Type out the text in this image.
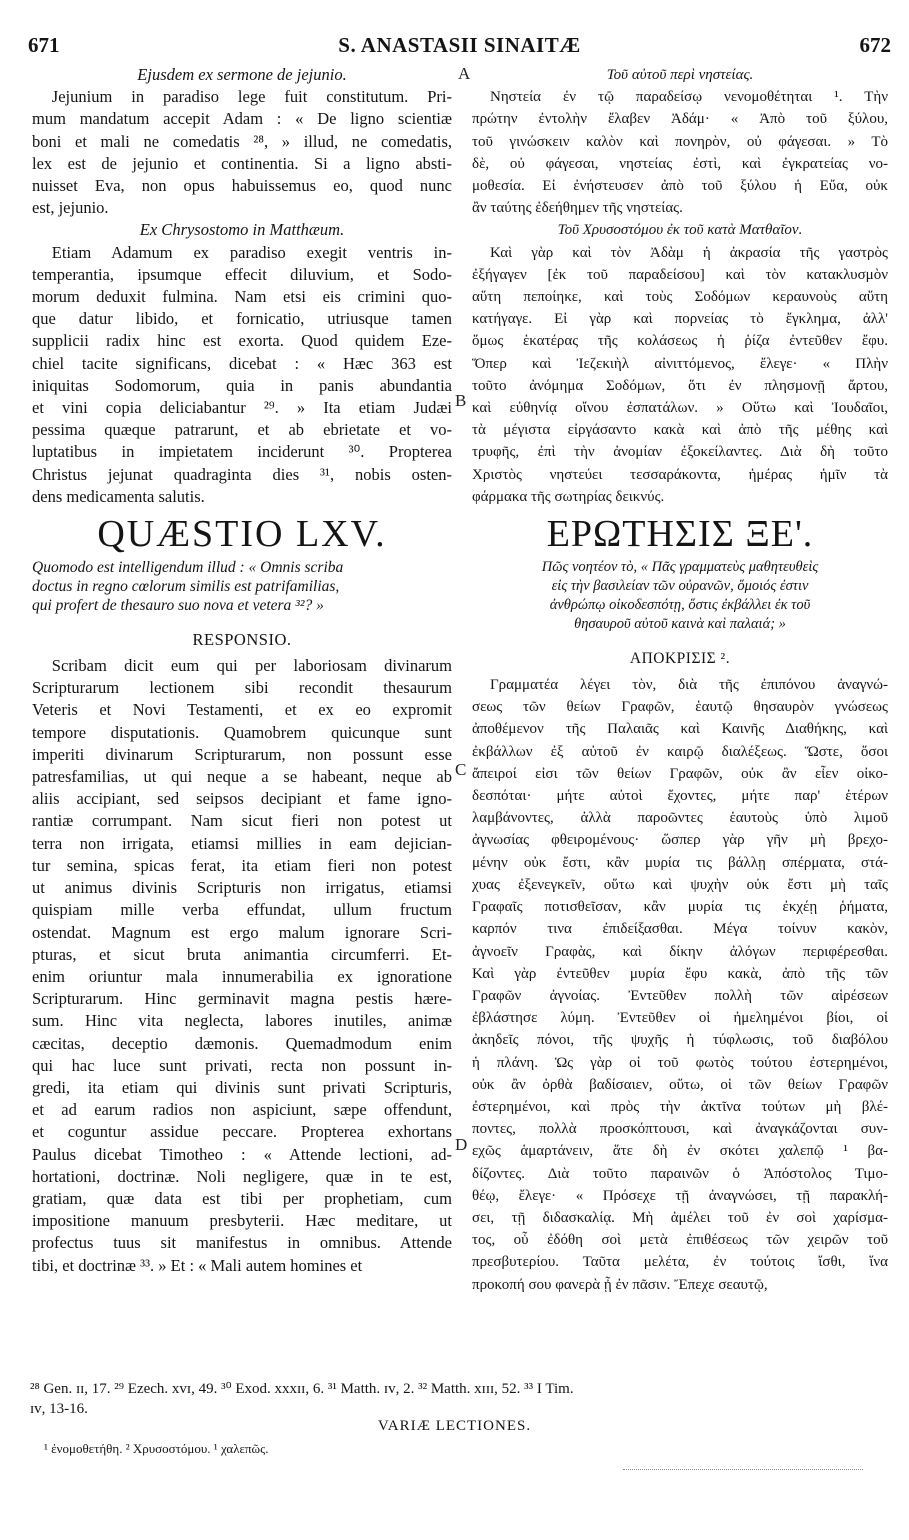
671	S. ANASTASII SINAITÆ	672
A
B
C
D
Ejusdem ex sermone de jejunio.
Jejunium in paradiso lege fuit constitutum. Pri-
mum mandatum accepit Adam : « De ligno scientiæ
boni et mali ne comedatis ²⁸, » illud, ne comedatis,
lex est de jejunio et continentia. Si a ligno absti-
nuisset Eva, non opus habuissemus eo, quod nunc
est, jejunio.
Ex Chrysostomo in Matthæum.
Etiam Adamum ex paradiso exegit ventris in-
temperantia, ipsumque effecit diluvium, et Sodo-
morum deduxit fulmina. Nam etsi eis crimini quo-
que datur libido, et fornicatio, utriusque tamen
supplicii radix hinc est exorta. Quod quidem Eze-
chiel tacite significans, dicebat : « Hæc 363 est
iniquitas Sodomorum, quia in panis abundantia
et vini copia deliciabantur ²⁹. » Ita etiam Judæi
pessima quæque patrarunt, et ab ebrietate et vo-
luptatibus in impietatem inciderunt ³⁰. Propterea
Christus jejunat quadraginta dies ³¹, nobis osten-
dens medicamenta salutis.
QUÆSTIO LXV.
Quomodo est intelligendum illud : « Omnis scriba
doctus in regno cœlorum similis est patrifamilias,
qui profert de thesauro suo nova et vetera ³²? »
RESPONSIO.
Scribam dicit eum qui per laboriosam divinarum
Scripturarum lectionem sibi recondit thesaurum
Veteris et Novi Testamenti, et ex eo expromit
tempore disputationis. Quamobrem quicunque sunt
imperiti divinarum Scripturarum, non possunt esse
patresfamilias, ut qui neque a se habeant, neque ab
aliis accipiant, sed seipsos decipiant et fame igno-
rantiæ corrumpant. Nam sicut fieri non potest ut
terra non irrigata, etiamsi millies in eam dejician-
tur semina, spicas ferat, ita etiam fieri non potest
ut animus divinis Scripturis non irrigatus, etiamsi
quispiam mille verba effundat, ullum fructum
ostendat. Magnum est ergo malum ignorare Scri-
pturas, et sicut bruta animantia circumferri. Et-
enim oriuntur mala innumerabilia ex ignoratione
Scripturarum. Hinc germinavit magna pestis hære-
sum. Hinc vita neglecta, labores inutiles, animæ
cæcitas, deceptio dæmonis. Quemadmodum enim
qui hac luce sunt privati, recta non possunt in-
gredi, ita etiam qui divinis sunt privati Scripturis,
et ad earum radios non aspiciunt, sæpe offendunt,
et coguntur assidue peccare. Propterea exhortans
Paulus dicebat Timotheo : « Attende lectioni, ad-
hortationi, doctrinæ. Noli negligere, quæ in te est,
gratiam, quæ data est tibi per prophetiam, cum
impositione manuum presbyterii. Hæc meditare, ut
profectus tuus sit manifestus in omnibus. Attende
tibi, et doctrinæ ³³. » Et : « Mali autem homines et
Τοῦ αὐτοῦ περὶ νηστείας.
Νηστεία ἐν τῷ παραδείσῳ νενομοθέτηται ¹. Τὴν
πρώτην ἐντολὴν ἔλαβεν Ἀδάμ· « Ἀπὸ τοῦ ξύλου,
τοῦ γινώσκειν καλὸν καὶ πονηρὸν, οὐ φάγεσαι. » Τὸ
δὲ, οὐ φάγεσαι, νηστείας ἐστὶ, καὶ ἐγκρατείας νο-
μοθεσία. Εἰ ἐνήστευσεν ἀπὸ τοῦ ξύλου ἡ Εὔα, οὐκ
ἂν ταύτης ἐδεήθημεν τῆς νηστείας.
Τοῦ Χρυσοστόμου ἐκ τοῦ κατὰ Ματθαῖον.
Καὶ γὰρ καὶ τὸν Ἀδὰμ ἡ ἀκρασία τῆς γαστρὸς
ἐξήγαγεν [ἐκ τοῦ παραδείσου] καὶ τὸν κατακλυσμὸν
αὕτη πεποίηκε, καὶ τοὺς Σοδόμων κεραυνοὺς αὕτη
κατήγαγε. Εἰ γὰρ καὶ πορνείας τὸ ἔγκλημα, ἀλλ'
ὅμως ἑκατέρας τῆς κολάσεως ἡ ῥίζα ἐντεῦθεν ἔφυ.
Ὅπερ καὶ Ἰεζεκιὴλ αἰνιττόμενος, ἔλεγε· « Πλὴν
τοῦτο ἀνόμημα Σοδόμων, ὅτι ἐν πλησμονῇ ἄρτου,
καὶ εὐθηνίᾳ οἴνου ἐσπατάλων. » Οὕτω καὶ Ἰουδαῖοι,
τὰ μέγιστα εἰργάσαντο κακὰ καὶ ἀπὸ τῆς μέθης καὶ
τρυφῆς, ἐπὶ τὴν ἀνομίαν ἐξοκείλαντες. Διὰ δὴ τοῦτο
Χριστὸς νηστεύει τεσσαράκοντα, ἡμέρας ἡμῖν τὰ
φάρμακα τῆς σωτηρίας δεικνύς.
ΕΡΩΤΗΣΙΣ ΞΕ'.
Πῶς νοητέον τὸ, « Πᾶς γραμματεὺς μαθητευθεὶς
εἰς τὴν βασιλείαν τῶν οὐρανῶν, ὅμοιός ἐστιν
ἀνθρώπῳ οἰκοδεσπότῃ, ὅστις ἐκβάλλει ἐκ τοῦ
θησαυροῦ αὐτοῦ καινὰ καὶ παλαιά; »
ΑΠΟΚΡΙΣΙΣ ².
Γραμματέα λέγει τὸν, διὰ τῆς ἐπιπόνου ἀναγνώ-
σεως τῶν θείων Γραφῶν, ἑαυτῷ θησαυρὸν γνώσεως
ἀποθέμενον τῆς Παλαιᾶς καὶ Καινῆς Διαθήκης, καὶ
ἐκβάλλων ἐξ αὐτοῦ ἐν καιρῷ διαλέξεως. Ὥστε, ὅσοι
ἄπειροί εἰσι τῶν θείων Γραφῶν, οὐκ ἂν εἶεν οἰκο-
δεσπόται· μήτε αὐτοὶ ἔχοντες, μήτε παρ' ἑτέρων
λαμβάνοντες, ἀλλὰ παροῶντες ἑαυτοὺς ὑπὸ λιμοῦ
ἀγνωσίας φθειρομένους· ὥσπερ γὰρ γῆν μὴ βρεχο-
μένην οὐκ ἔστι, κἂν μυρία τις βάλλῃ σπέρματα, στά-
χυας ἐξενεγκεῖν, οὕτω καὶ ψυχὴν οὐκ ἔστι μὴ ταῖς
Γραφαῖς ποτισθεῖσαν, κἂν μυρία τις ἐκχέῃ ῥήματα,
καρπόν τινα ἐπιδείξασθαι. Μέγα τοίνυν κακὸν,
ἀγνοεῖν Γραφὰς, καὶ δίκην ἀλόγων περιφέρεσθαι.
Καὶ γὰρ ἐντεῦθεν μυρία ἔφυ κακὰ, ἀπὸ τῆς τῶν
Γραφῶν ἀγνοίας. Ἐντεῦθεν πολλὴ τῶν αἱρέσεων
ἐβλάστησε λύμη. Ἐντεῦθεν οἱ ἠμελημένοι βίοι, οἱ
ἀκηδεῖς πόνοι, τῆς ψυχῆς ἡ τύφλωσις, τοῦ διαβόλου
ἡ πλάνη. Ὡς γὰρ οἱ τοῦ φωτὸς τούτου ἐστερημένοι,
οὐκ ἂν ὀρθὰ βαδίσαιεν, οὕτω, οἱ τῶν θείων Γραφῶν
ἐστερημένοι, καὶ πρὸς τὴν ἀκτῖνα τούτων μὴ βλέ-
ποντες, πολλὰ προσκόπτουσι, καὶ ἀναγκάζονται συν-
εχῶς ἁμαρτάνειν, ἅτε δὴ ἐν σκότει χαλεπῷ ¹ βα-
δίζοντες. Διὰ τοῦτο παραινῶν ὁ Ἀπόστολος Τιμο-
θέῳ, ἔλεγε· « Πρόσεχε τῇ ἀναγνώσει, τῇ παρακλή-
σει, τῇ διδασκαλίᾳ. Μὴ ἀμέλει τοῦ ἐν σοὶ χαρίσμα-
τος, οὗ ἐδόθη σοὶ μετὰ ἐπιθέσεως τῶν χειρῶν τοῦ
πρεσβυτερίου. Ταῦτα μελέτα, ἐν τούτοις ἴσθι, ἵνα
προκοπή σου φανερὰ ᾖ ἐν πᾶσιν. Ἔπεχε σεαυτῷ,
²⁸ Gen. ɪɪ, 17. ²⁹ Ezech. xᴠɪ, 49. ³⁰ Exod. xxxɪɪ, 6. ³¹ Matth. ɪᴠ, 2. ³² Matth. xɪɪɪ, 52. ³³ I Tim.
ɪᴠ, 13-16.
VARIÆ LECTIONES.
¹ ἐνομοθετήθη. ² Χρυσοστόμου. ¹ χαλεπῶς.
